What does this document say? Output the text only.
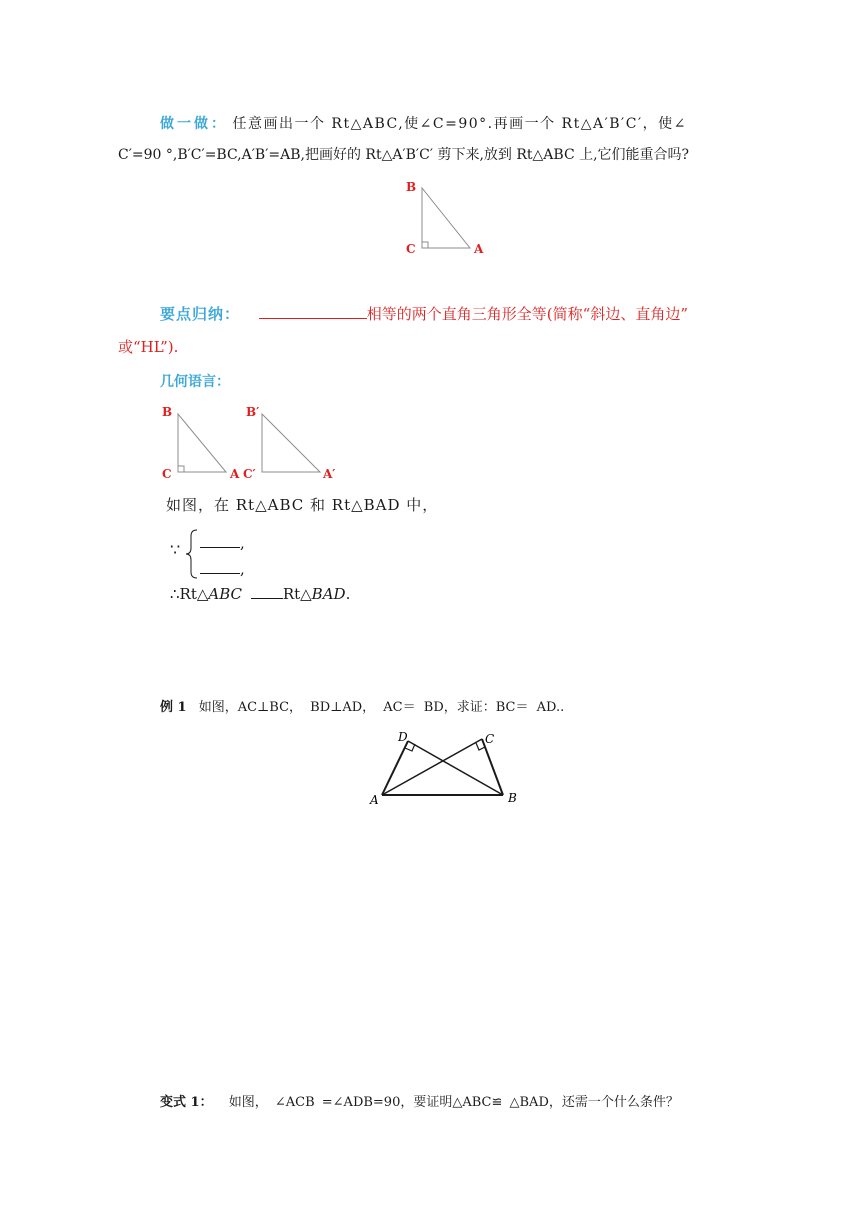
做一做： 任意画出一个 Rt△ABC,使∠C=90°.再画一个 Rt△A′B′C′，使∠
C′=90 °,B′C′=BC,A′B′=AB,把画好的 Rt△A′B′C′ 剪下来,放到 Rt△ABC 上,它们能重合吗?
B
C	A
要点归纳：	相等的两个直角三角形全等(简称“斜边、直角边”
或“HL”).
几何语言：
B
C	A
B′
C′	A′
如图，在 Rt△ABC 和 Rt△BAD 中，
∵	,
,
∴Rt△ABC	Rt△BAD.
例 1 如图，AC⊥BC， BD⊥AD， AC＝ BD，求证：BC＝ AD..
D	C
A	B
变式 1： 如图， ∠ACB =∠ADB=90，要证明△ABC≌ △BAD，还需一个什么条件？
